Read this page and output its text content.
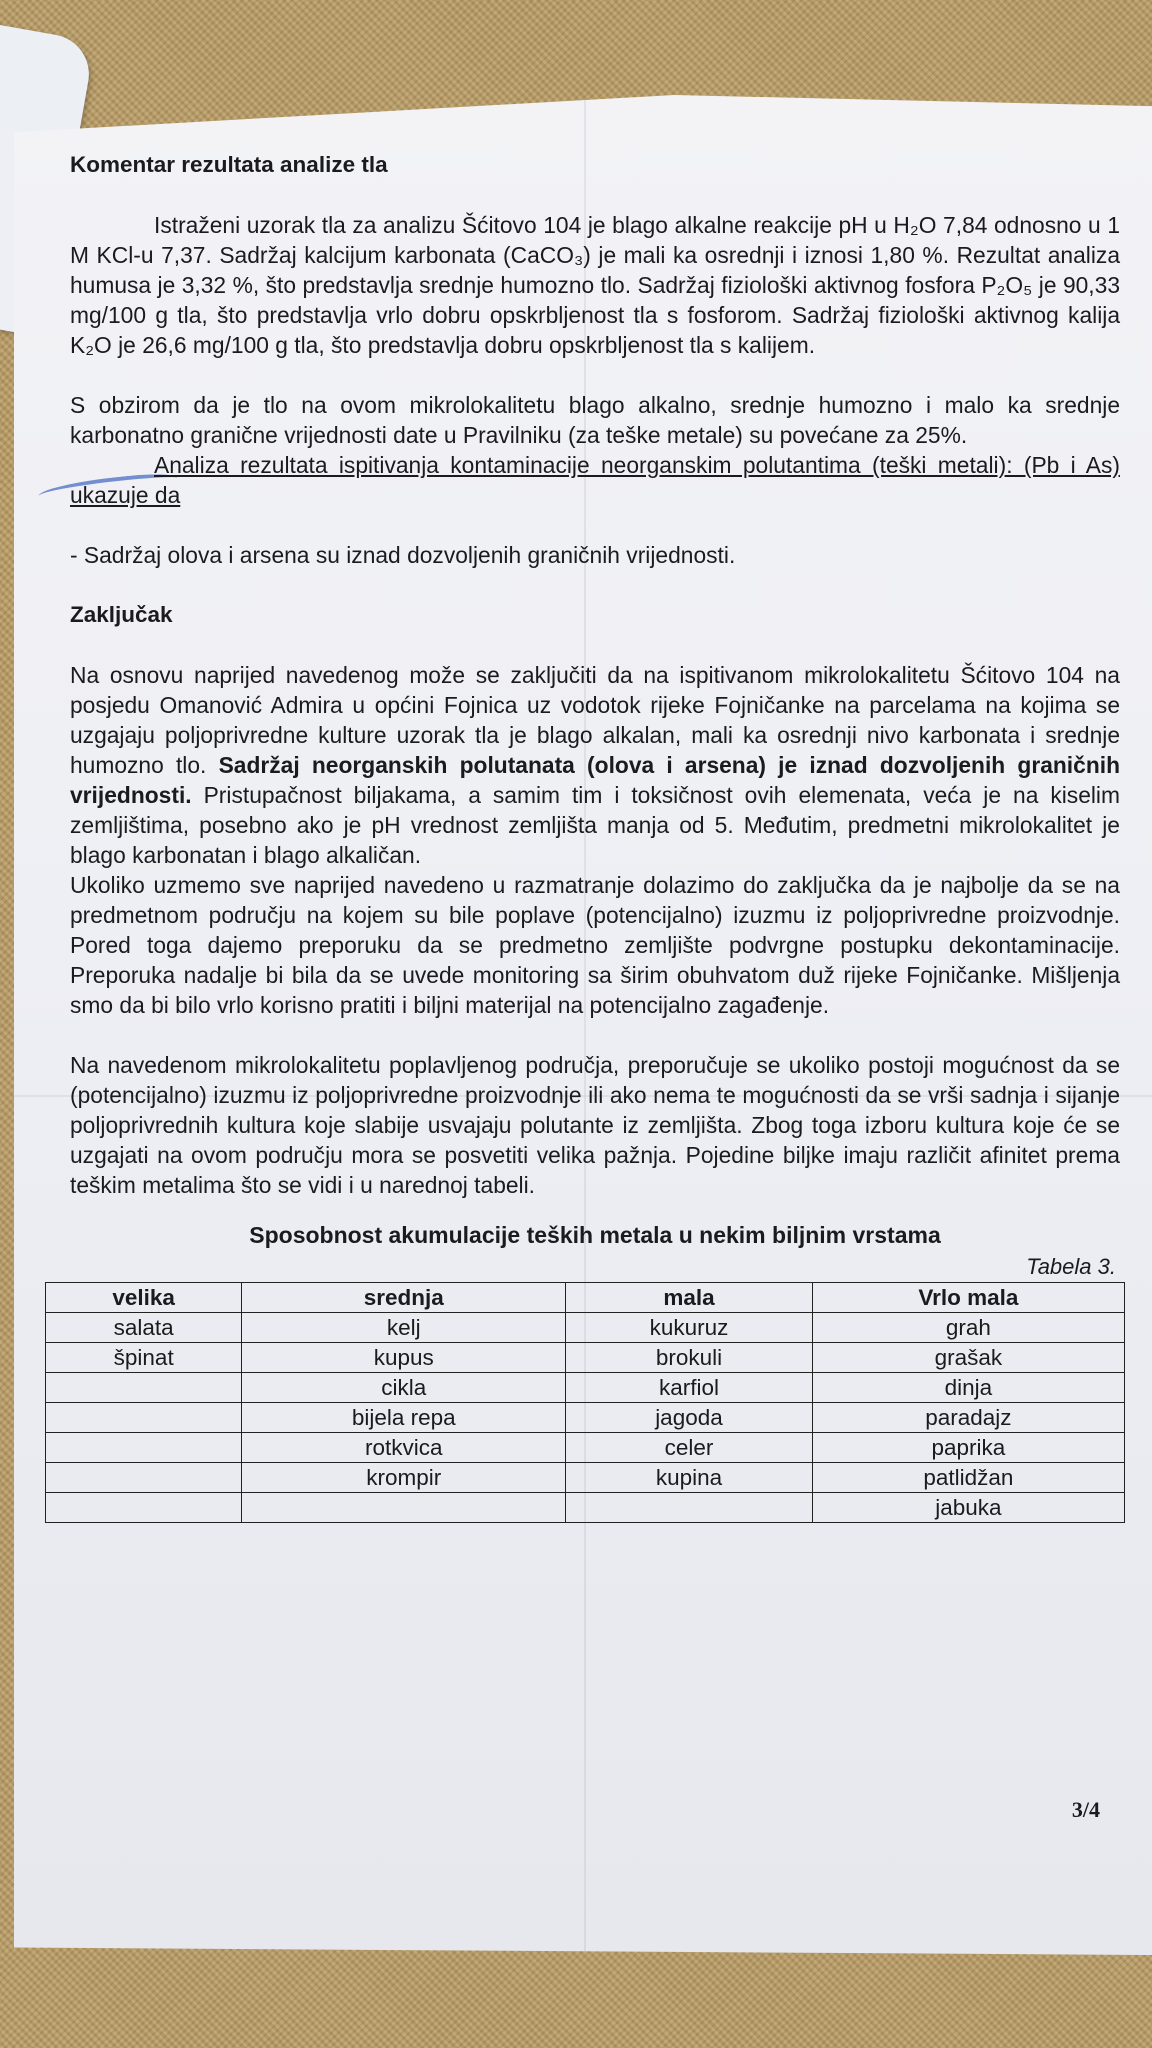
Komentar rezultata analize tla

Istraženi uzorak tla za analizu Šćitovo 104 je blago alkalne reakcije pH u H₂O 7,84 odnosno u 1 M KCl-u 7,37. Sadržaj kalcijum karbonata (CaCO₃) je mali ka osrednji i iznosi 1,80 %. Rezultat analiza humusa je 3,32 %, što predstavlja srednje humozno tlo. Sadržaj fiziološki aktivnog fosfora P₂O₅ je 90,33 mg/100 g tla, što predstavlja vrlo dobru opskrbljenost tla s fosforom. Sadržaj fiziološki aktivnog kalija K₂O je 26,6 mg/100 g tla, što predstavlja dobru opskrbljenost tla s kalijem.

S obzirom da je tlo na ovom mikrolokalitetu blago alkalno, srednje humozno i malo ka srednje karbonatno granične vrijednosti date u Pravilniku (za teške metale) su povećane za 25%.

Analiza rezultata ispitivanja kontaminacije neorganskim polutantima (teški metali): (Pb i As) ukazuje da

- Sadržaj olova i arsena su iznad dozvoljenih graničnih vrijednosti.

Zaključak

Na osnovu naprijed navedenog može se zaključiti da na ispitivanom mikrolokalitetu Šćitovo 104 na posjedu Omanović Admira u općini Fojnica uz vodotok rijeke Fojničanke na parcelama na kojima se uzgajaju poljoprivredne kulture uzorak tla je blago alkalan, mali ka osrednji nivo karbonata i srednje humozno tlo. Sadržaj neorganskih polutanata (olova i arsena) je iznad dozvoljenih graničnih vrijednosti. Pristupačnost biljakama, a samim tim i toksičnost ovih elemenata, veća je na kiselim zemljištima, posebno ako je pH vrednost zemljišta manja od 5. Međutim, predmetni mikrolokalitet je blago karbonatan i blago alkaličan.

Ukoliko uzmemo sve naprijed navedeno u razmatranje dolazimo do zaključka da je najbolje da se na predmetnom području na kojem su bile poplave (potencijalno) izuzmu iz poljoprivredne proizvodnje. Pored toga dajemo preporuku da se predmetno zemljište podvrgne postupku dekontaminacije. Preporuka nadalje bi bila da se uvede monitoring sa širim obuhvatom duž rijeke Fojničanke. Mišljenja smo da bi bilo vrlo korisno pratiti i biljni materijal na potencijalno zagađenje.

Na navedenom mikrolokalitetu poplavljenog područja, preporučuje se ukoliko postoji mogućnost da se (potencijalno) izuzmu iz poljoprivredne proizvodnje ili ako nema te mogućnosti da se vrši sadnja i sijanje poljoprivrednih kultura koje slabije usvajaju polutante iz zemljišta. Zbog toga izboru kultura koje će se uzgajati na ovom području mora se posvetiti velika pažnja. Pojedine biljke imaju različit afinitet prema teškim metalima što se vidi i u narednoj tabeli.

Sposobnost akumulacije teških metala u nekim biljnim vrstama
Tabela 3.
velika	srednja	mala	Vrlo mala
salata	kelj	kukuruz	grah
špinat	kupus	brokuli	grašak
	cikla	karfiol	dinja
	bijela repa	jagoda	paradajz
	rotkvica	celer	paprika
	krompir	kupina	patlidžan
			jabuka
3/4
